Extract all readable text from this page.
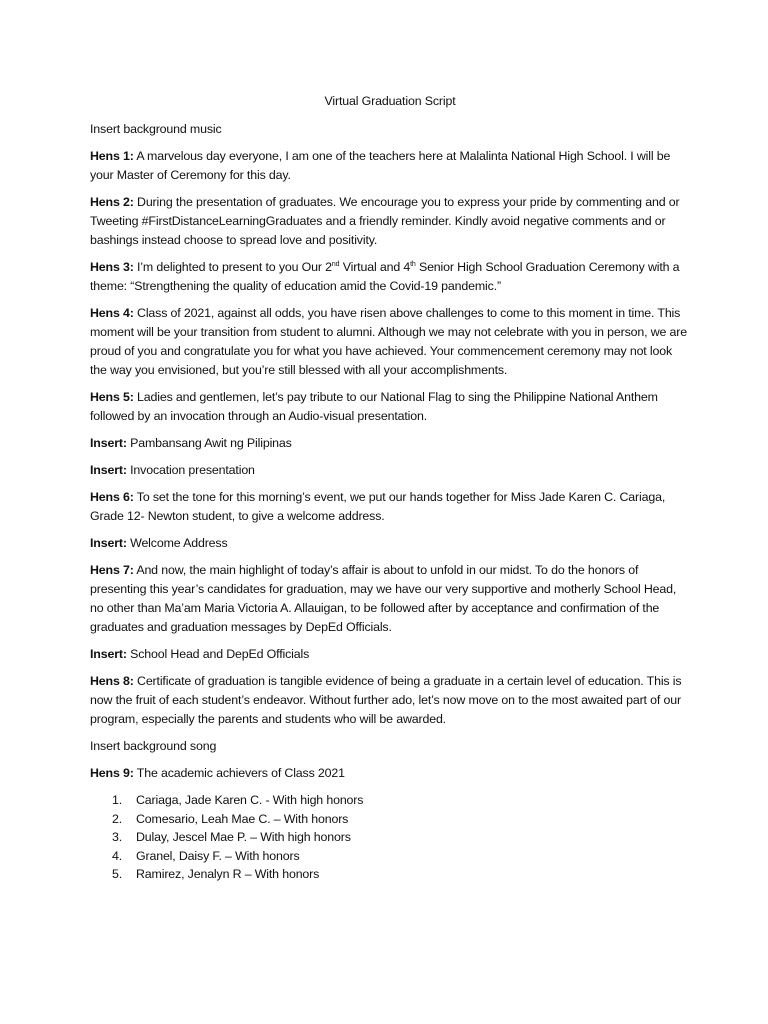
Virtual Graduation Script

Insert background music

Hens 1: A marvelous day everyone, I am one of the teachers here at Malalinta National High School. I will be your Master of Ceremony for this day.

Hens 2: During the presentation of graduates. We encourage you to express your pride by commenting and or Tweeting #FirstDistanceLearningGraduates and a friendly reminder. Kindly avoid negative comments and or bashings instead choose to spread love and positivity.

Hens 3: I’m delighted to present to you Our 2nd Virtual and 4th Senior High School Graduation Ceremony with a theme: “Strengthening the quality of education amid the Covid-19 pandemic.”

Hens 4: Class of 2021, against all odds, you have risen above challenges to come to this moment in time. This moment will be your transition from student to alumni. Although we may not celebrate with you in person, we are proud of you and congratulate you for what you have achieved. Your commencement ceremony may not look the way you envisioned, but you’re still blessed with all your accomplishments.

Hens 5: Ladies and gentlemen, let’s pay tribute to our National Flag to sing the Philippine National Anthem followed by an invocation through an Audio-visual presentation.

Insert: Pambansang Awit ng Pilipinas

Insert: Invocation presentation

Hens 6: To set the tone for this morning’s event, we put our hands together for Miss Jade Karen C. Cariaga, Grade 12- Newton student, to give a welcome address.

Insert: Welcome Address

Hens 7: And now, the main highlight of today’s affair is about to unfold in our midst. To do the honors of presenting this year’s candidates for graduation, may we have our very supportive and motherly School Head, no other than Ma’am Maria Victoria A. Allauigan, to be followed after by acceptance and confirmation of the graduates and graduation messages by DepEd Officials.

Insert: School Head and DepEd Officials

Hens 8: Certificate of graduation is tangible evidence of being a graduate in a certain level of education. This is now the fruit of each student’s endeavor. Without further ado, let’s now move on to the most awaited part of our program, especially the parents and students who will be awarded.

Insert background song

Hens 9: The academic achievers of Class 2021

1. Cariaga, Jade Karen C. - With high honors
2. Comesario, Leah Mae C. – With honors
3. Dulay, Jescel Mae P. – With high honors
4. Granel, Daisy F. – With honors
5. Ramirez, Jenalyn R – With honors
